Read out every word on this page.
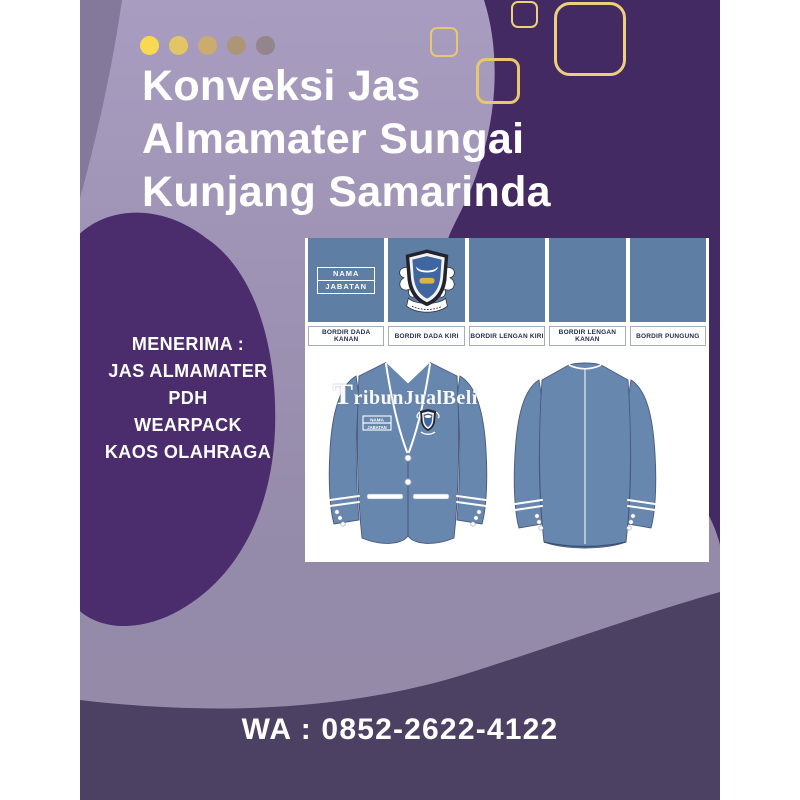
Konveksi Jas
Almamater Sungai
Kunjang Samarinda
MENERIMA :
JAS ALMAMATER
PDH
WEARPACK
KAOS OLAHRAGA
NAMA
JABATAN
BORDIR DADA KANAN	BORDIR DADA KIRI	BORDIR LENGAN KIRI	BORDIR LENGAN KANAN	BORDIR PUNGUNG
NAMA
JABATAN
TribunJualBeli
WA : 0852-2622-4122
